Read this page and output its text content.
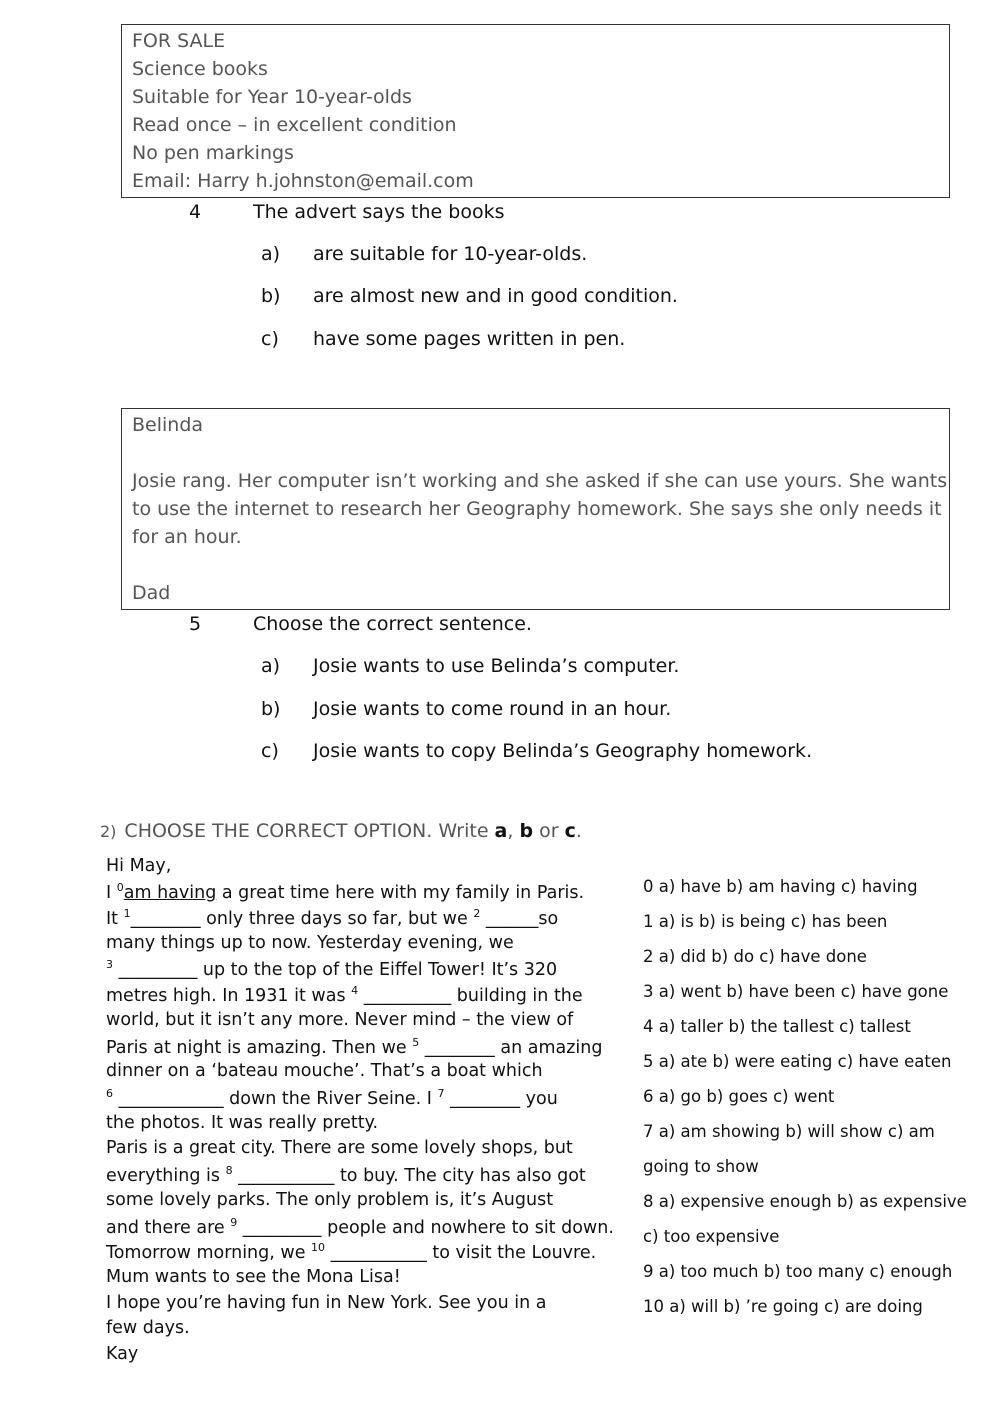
FOR SALE
Science books
Suitable for Year 10-year-olds
Read once – in excellent condition
No pen markings
Email: Harry h.johnston@email.com
4	The advert says the books
a) are suitable for 10-year-olds.
b) are almost new and in good condition.
c) have some pages written in pen.
Belinda
Josie rang. Her computer isn’t working and she asked if she can use yours. She wants
to use the internet to research her Geography homework. She says she only needs it
for an hour.
Dad
5	Choose the correct sentence.
a) Josie wants to use Belinda’s computer.
b) Josie wants to come round in an hour.
c) Josie wants to copy Belinda’s Geography homework.
2) CHOOSE THE CORRECT OPTION. Write a, b or c.
Hi May,
I $^0$am having a great time here with my family in Paris.
It $^1$________ only three days so far, but we $^2$ ______so
many things up to now. Yesterday evening, we
$^3$ _________ up to the top of the Eiffel Tower! It’s 320
metres high. In 1931 it was $^4$ __________ building in the
world, but it isn’t any more. Never mind – the view of
Paris at night is amazing. Then we $^5$ ________ an amazing
dinner on a ‘bateau mouche’. That’s a boat which
$^6$ ____________ down the River Seine. I $^7$ ________ you
the photos. It was really pretty.
Paris is a great city. There are some lovely shops, but
everything is $^8$ ___________ to buy. The city has also got
some lovely parks. The only problem is, it’s August
and there are $^9$ _________ people and nowhere to sit down.
Tomorrow morning, we $^{10}$ ___________ to visit the Louvre.
Mum wants to see the Mona Lisa!
I hope you’re having fun in New York. See you in a
few days.
Kay
0 a) have b) am having c) having
1 a) is b) is being c) has been
2 a) did b) do c) have done
3 a) went b) have been c) have gone
4 a) taller b) the tallest c) tallest
5 a) ate b) were eating c) have eaten
6 a) go b) goes c) went
7 a) am showing b) will show c) am
going to show
8 a) expensive enough b) as expensive
c) too expensive
9 a) too much b) too many c) enough
10 a) will b) ’re going c) are doing
